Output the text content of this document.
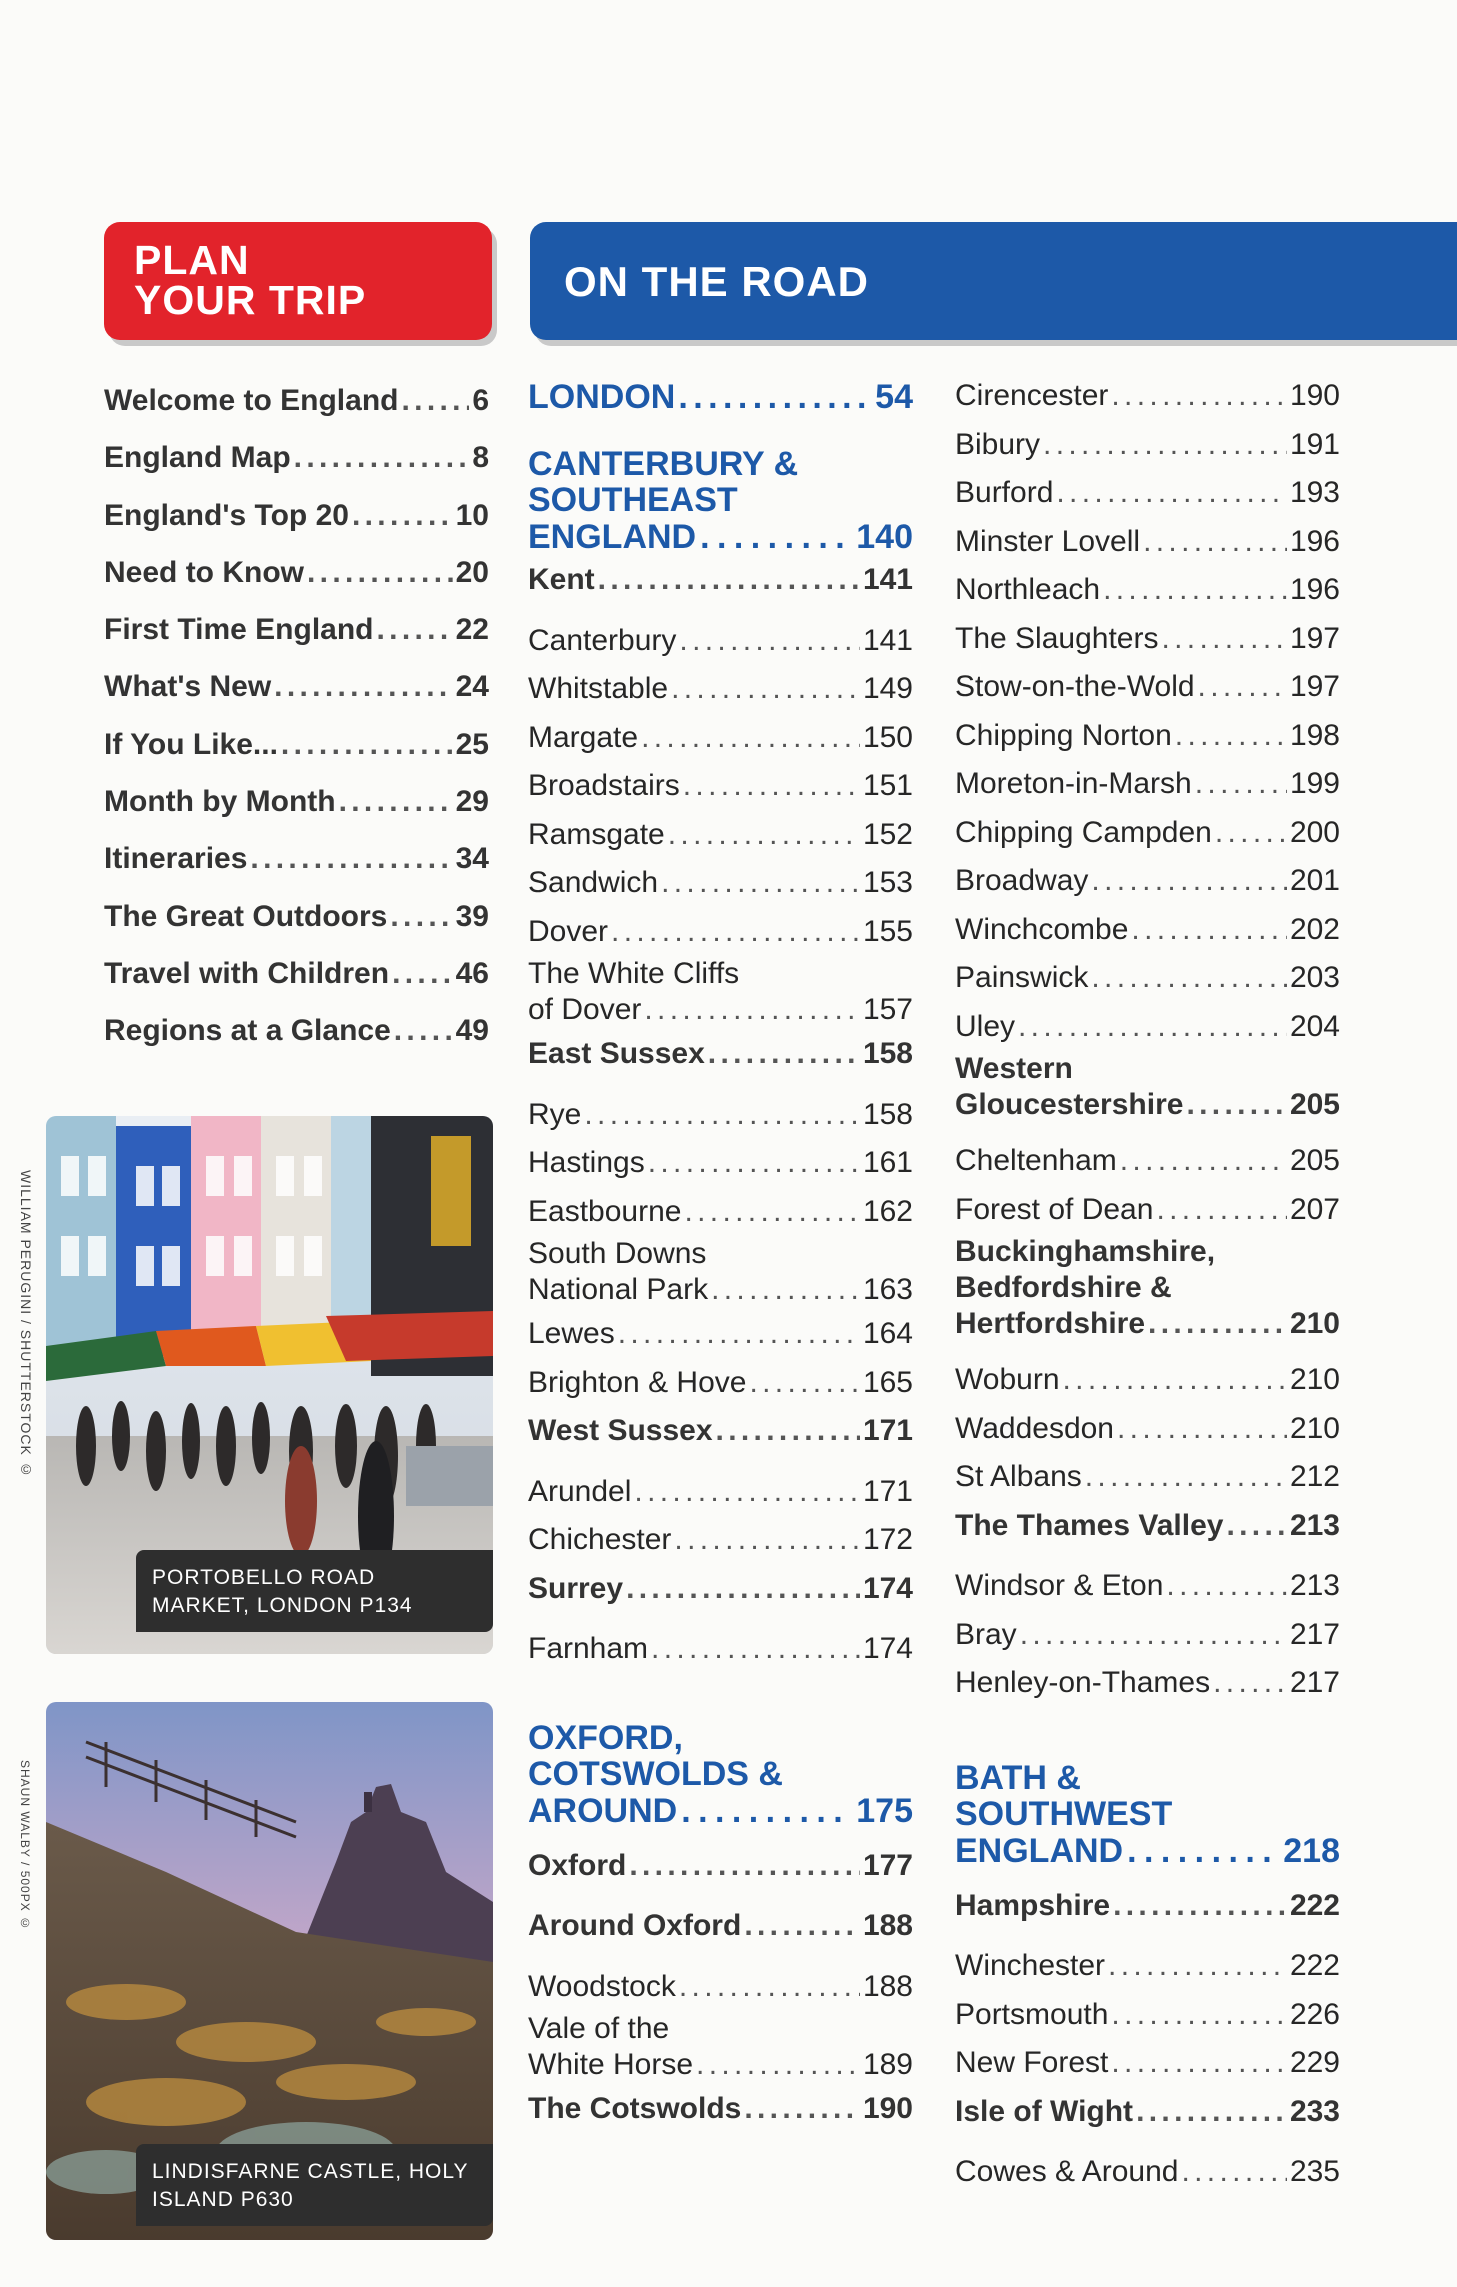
PLAN
YOUR TRIP	ON THE ROAD
Welcome to England . . . 6
England Map . . .	8
England's Top 20 . . .	10
Need to Know . . .	20
First Time England . . .	22
What's New . . .	24
If You Like... . . .	25
Month by Month . . .	29
Itineraries . . .	34
The Great Outdoors . . . 39
Travel with Children . . . 46
Regions at a Glance . . . 49
LONDON . . .	54
CANTERBURY &
SOUTHEAST
ENGLAND . . .	140
Kent . . .	141
Canterbury . . .	141
Whitstable . . .	149
Margate . . .	150
Broadstairs . . .	151
Ramsgate . . .	152
Sandwich . . .	153
Dover . . .	155
The White Cliffs
of Dover . . .	157
East Sussex . . .	158
Rye . . .	158
Hastings . . .	161
Eastbourne . . .	162
South Downs
National Park . . .	163
Lewes . . .	164
Brighton & Hove . . .	165
West Sussex . . .	171
Arundel . . .	171
Chichester . . .	172
Surrey . . .	174
Farnham . . .	174
OXFORD,
COTSWOLDS &
AROUND . . .	175
Oxford . . .	177
Around Oxford . . .	188
Woodstock . . .	188
Vale of the
White Horse . . .	189
The Cotswolds . . .	190
Cirencester . . .	190
Bibury . . .	191
Burford . . .	193
Minster Lovell . . .	196
Northleach . . .	196
The Slaughters . . .	197
Stow-on-the-Wold . . .	197
Chipping Norton . . .	198
Moreton-in-Marsh . . .	199
Chipping Campden . . .	200
Broadway . . .	201
Winchcombe . . .	202
Painswick . . .	203
Uley . . .	204
Western
Gloucestershire . . .	205
Cheltenham . . .	205
Forest of Dean . . .	207
Buckinghamshire,
Bedfordshire &
Hertfordshire . . .	210
Woburn . . .	210
Waddesdon . . .	210
St Albans . . .	212
The Thames Valley . . . 213
Windsor & Eton . . .	213
Bray . . .	217
Henley-on-Thames . . .	217
BATH &
SOUTHWEST
ENGLAND . . .	218
Hampshire . . .	222
Winchester . . .	222
Portsmouth . . .	226
New Forest . . .	229
Isle of Wight . . .	233
Cowes & Around . . .	235
PORTOBELLO ROAD
MARKET, LONDON P134
WILLIAM PERUGINI / SHUTTERSTOCK ©
LINDISFARNE CASTLE, HOLY
ISLAND P630
SHAUN WALBY / 500PX ©
